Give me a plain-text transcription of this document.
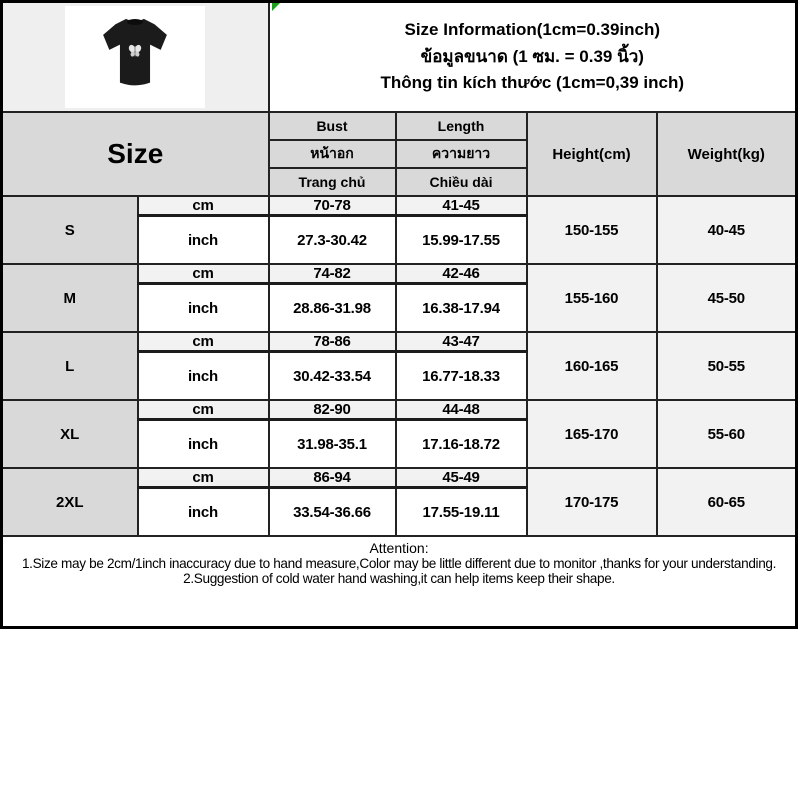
Size Information(1cm=0.39inch)
ข้อมูลขนาด (1 ซม. = 0.39 นิ้ว)
Thông tin kích thước (1cm=0,39 inch)			

Size		Bust	Length	Height(cm)	Weight(kg)
		หน้าอก	ความยาว		
		Trang chủ	Chiều dài		
S	cm	70-78	41-45	150-155	40-45
	inch	27.3-30.42	15.99-17.55		
M	cm	74-82	42-46	155-160	45-50
	inch	28.86-31.98	16.38-17.94		
L	cm	78-86	43-47	160-165	50-55
	inch	30.42-33.54	16.77-18.33		
XL	cm	82-90	44-48	165-170	55-60
	inch	31.98-35.1	17.16-18.72		
2XL	cm	86-94	45-49	170-175	60-65
	inch	33.54-36.66	17.55-19.11		

Attention:
1.Size may be 2cm/1inch inaccuracy due to hand measure,Color may be little different due to monitor ,thanks for your understanding.
2.Suggestion of cold water hand washing,it can help items keep their shape.					
